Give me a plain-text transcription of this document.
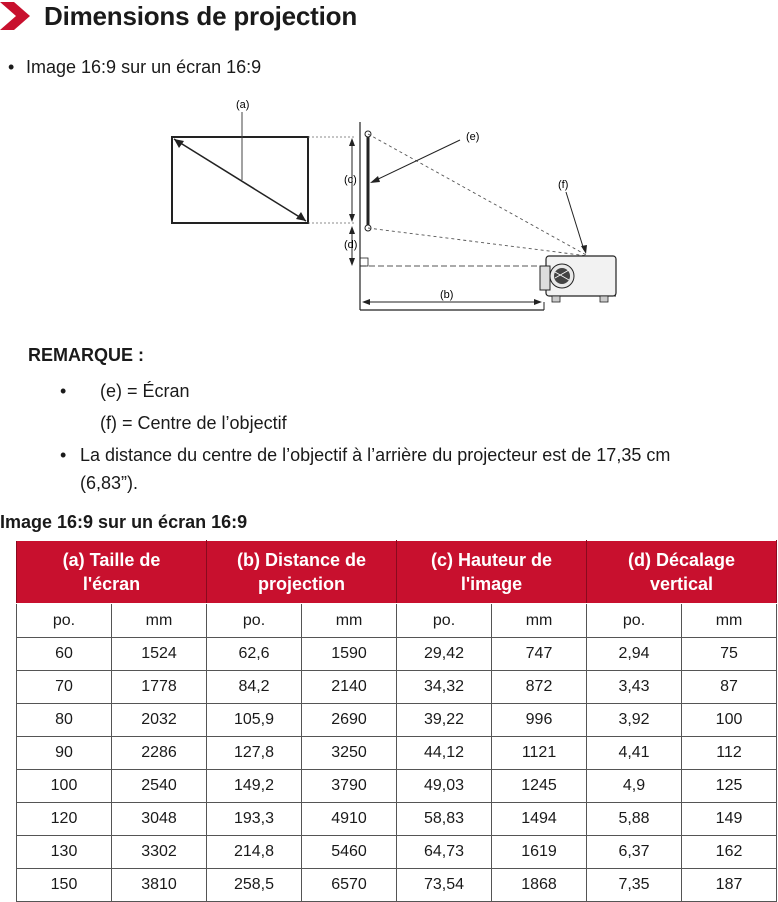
Dimensions de projection
• Image 16:9 sur un écran 16:9
(a)
(c)
(d)
(e)
(f)
(b)
REMARQUE :
• (e) = Écran
(f) = Centre de l’objectif
• La distance du centre de l’objectif à l’arrière du projecteur est de 17,35 cm
(6,83”).
Image 16:9 sur un écran 16:9
(a) Taille de
l'écran		(b) Distance de
projection		(c) Hauteur de
l'image		(d) Décalage
vertical	
po.	mm	po.	mm	po.	mm	po.	mm
60	1524	62,6	1590	29,42	747	2,94	75
70	1778	84,2	2140	34,32	872	3,43	87
80	2032	105,9	2690	39,22	996	3,92	100
90	2286	127,8	3250	44,12	1121	4,41	112
100	2540	149,2	3790	49,03	1245	4,9	125
120	3048	193,3	4910	58,83	1494	5,88	149
130	3302	214,8	5460	64,73	1619	6,37	162
150	3810	258,5	6570	73,54	1868	7,35	187
